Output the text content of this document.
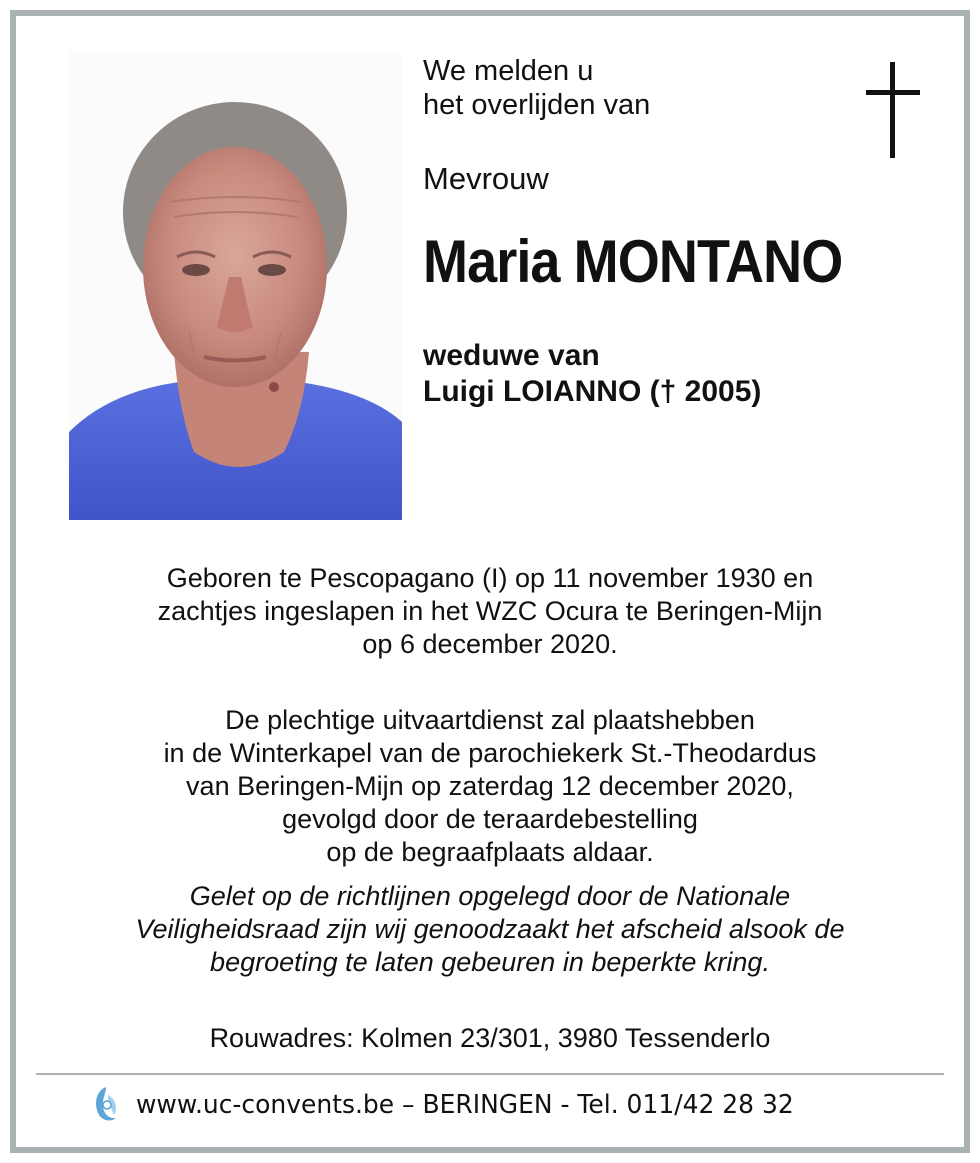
We melden u
het overlijden van
Mevrouw
Maria MONTANO
weduwe van
Luigi LOIANNO († 2005)
Geboren te Pescopagano (I) op 11 november 1930 en
zachtjes ingeslapen in het WZC Ocura te Beringen-Mijn
op 6 december 2020.
De plechtige uitvaartdienst zal plaatshebben
in de Winterkapel van de parochiekerk St.-Theodardus
van Beringen-Mijn op zaterdag 12 december 2020,
gevolgd door de teraardebestelling
op de begraafplaats aldaar.
Gelet op de richtlijnen opgelegd door de Nationale
Veiligheidsraad zijn wij genoodzaakt het afscheid alsook de
begroeting te laten gebeuren in beperkte kring.
Rouwadres: Kolmen 23/301, 3980 Tessenderlo
www.uc-convents.be – BERINGEN - Tel. 011/42 28 32
